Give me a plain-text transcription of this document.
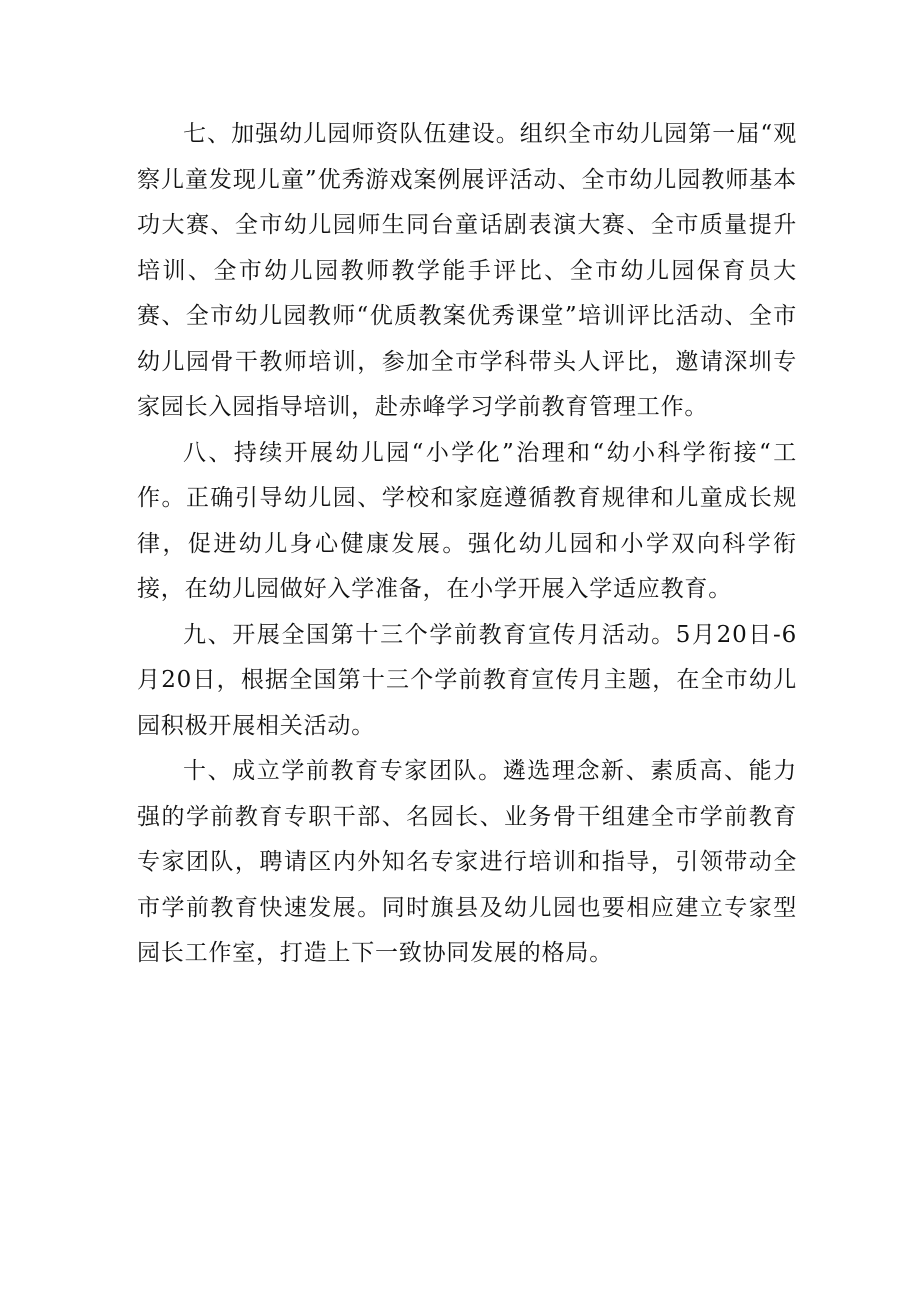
七、加强幼儿园师资队伍建设。组织全市幼儿园第一届“观察儿童发现儿童”优秀游戏案例展评活动、全市幼儿园教师基本功大赛、全市幼儿园师生同台童话剧表演大赛、全市质量提升培训、全市幼儿园教师教学能手评比、全市幼儿园保育员大赛、全市幼儿园教师“优质教案优秀课堂”培训评比活动、全市幼儿园骨干教师培训，参加全市学科带头人评比，邀请深圳专家园长入园指导培训，赴赤峰学习学前教育管理工作。

八、持续开展幼儿园“小学化”治理和“幼小科学衔接“工作。正确引导幼儿园、学校和家庭遵循教育规律和儿童成长规律，促进幼儿身心健康发展。强化幼儿园和小学双向科学衔接，在幼儿园做好入学准备，在小学开展入学适应教育。

九、开展全国第十三个学前教育宣传月活动。5月20日-6月20日，根据全国第十三个学前教育宣传月主题，在全市幼儿园积极开展相关活动。

十、成立学前教育专家团队。遴选理念新、素质高、能力强的学前教育专职干部、名园长、业务骨干组建全市学前教育专家团队，聘请区内外知名专家进行培训和指导，引领带动全市学前教育快速发展。同时旗县及幼儿园也要相应建立专家型园长工作室，打造上下一致协同发展的格局。
